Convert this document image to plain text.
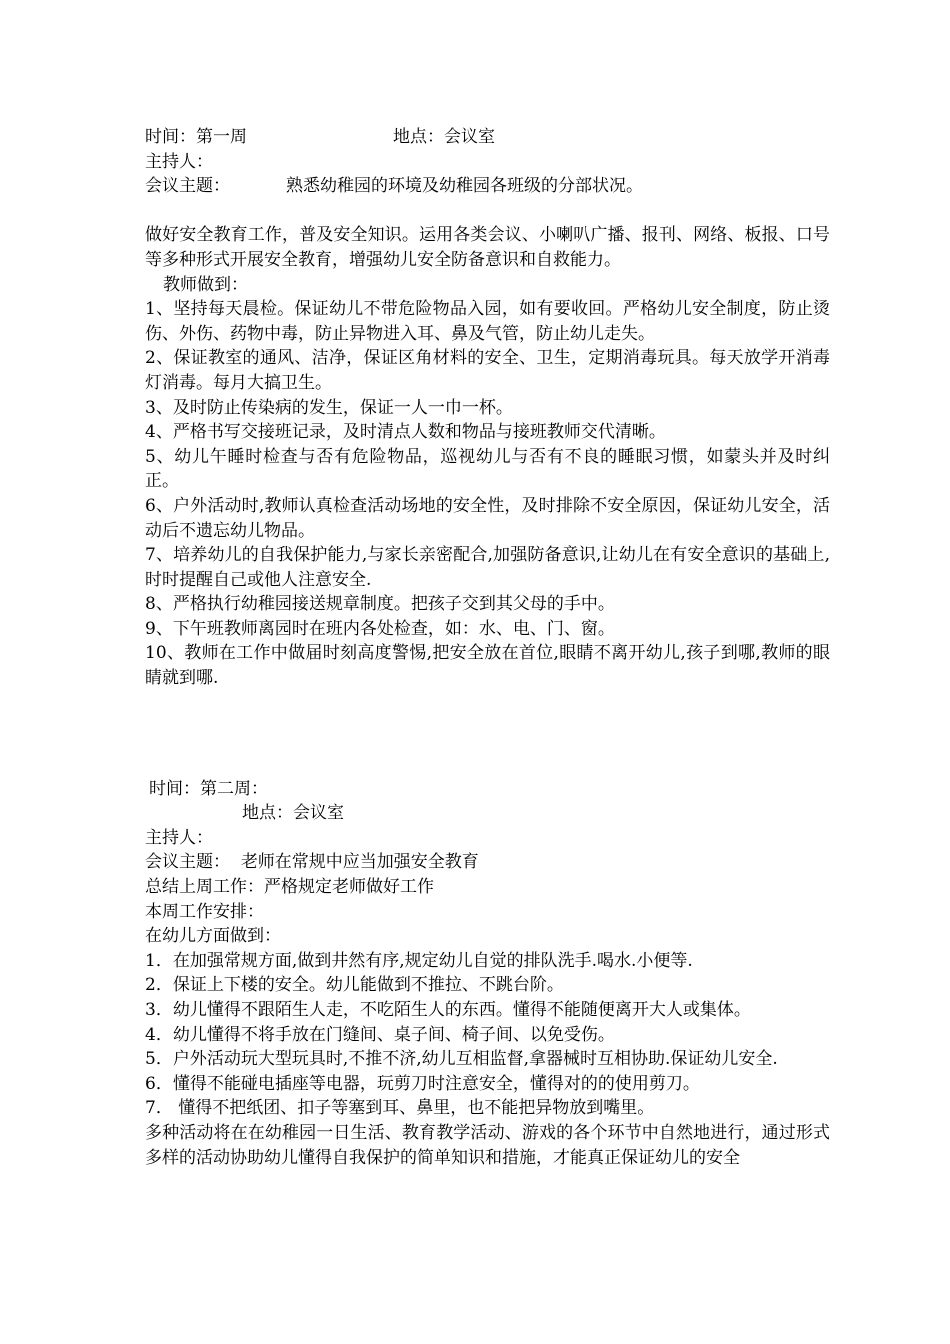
时间：第一周	地点：会议室

主持人：

会议主题：	熟悉幼稚园的环境及幼稚园各班级的分部状况。

做好安全教育工作，普及安全知识。运用各类会议、小喇叭广播、报刊、网络、板报、口号等多种形式开展安全教育，增强幼儿安全防备意识和自救能力。

教师做到：

1、坚持每天晨检。保证幼儿不带危险物品入园，如有要收回。严格幼儿安全制度，防止烫伤、外伤、药物中毒，防止异物进入耳、鼻及气管，防止幼儿走失。

2、保证教室的通风、洁净，保证区角材料的安全、卫生，定期消毒玩具。每天放学开消毒灯消毒。每月大搞卫生。

3、及时防止传染病的发生，保证一人一巾一杯。

4、严格书写交接班记录，及时清点人数和物品与接班教师交代清晰。

5、幼儿午睡时检查与否有危险物品，巡视幼儿与否有不良的睡眠习惯，如蒙头并及时纠正。

6、户外活动时,教师认真检查活动场地的安全性，及时排除不安全原因，保证幼儿安全，活动后不遗忘幼儿物品。

7、培养幼儿的自我保护能力,与家长亲密配合,加强防备意识,让幼儿在有安全意识的基础上,时时提醒自己或他人注意安全.

8、严格执行幼稚园接送规章制度。把孩子交到其父母的手中。

9、下午班教师离园时在班内各处检查，如：水、电、门、窗。

10、教师在工作中做届时刻高度警惕,把安全放在首位,眼睛不离开幼儿,孩子到哪,教师的眼睛就到哪.

时间：第二周：

地点：会议室

主持人：

会议主题： 老师在常规中应当加强安全教育

总结上周工作：严格规定老师做好工作

本周工作安排：

在幼儿方面做到：

1．在加强常规方面,做到井然有序,规定幼儿自觉的排队洗手.喝水.小便等.

2．保证上下楼的安全。幼儿能做到不推拉、不跳台阶。

3．幼儿懂得不跟陌生人走，不吃陌生人的东西。懂得不能随便离开大人或集体。

4．幼儿懂得不将手放在门缝间、桌子间、椅子间、以免受伤。

5．户外活动玩大型玩具时,不推不济,幼儿互相监督,拿器械时互相协助.保证幼儿安全.

6．懂得不能碰电插座等电器，玩剪刀时注意安全，懂得对的的使用剪刀。

7． 懂得不把纸团、扣子等塞到耳、鼻里，也不能把异物放到嘴里。

多种活动将在在幼稚园一日生活、教育教学活动、游戏的各个环节中自然地进行，通过形式多样的活动协助幼儿懂得自我保护的简单知识和措施，才能真正保证幼儿的安全
